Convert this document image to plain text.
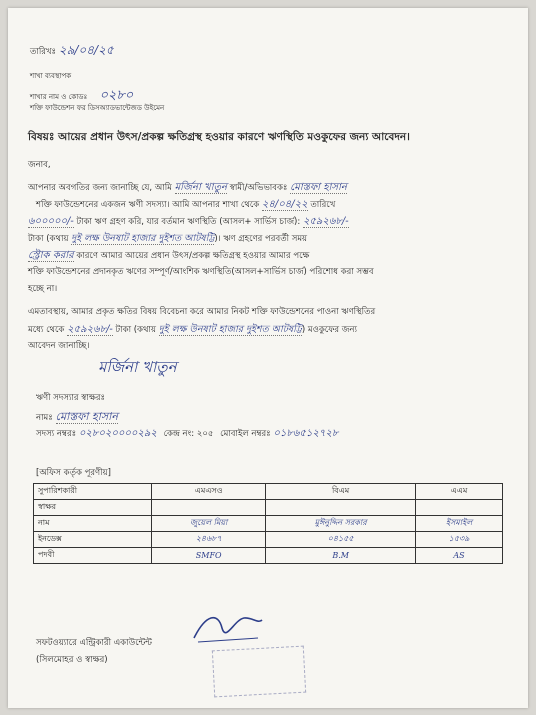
তারিখঃ ২৯/০৪/২৫
শাখা ব্যবস্থাপক
শাখার নাম ও কোডঃ ০২৮০
শক্তি ফাউন্ডেশন ফর ডিসঅ্যাডভান্টেজড উইমেন
বিষয়ঃ আয়ের প্রধান উৎস/প্রকল্প ক্ষতিগ্রস্থ হওয়ার কারণে ঋণস্থিতি মওকুফের জন্য আবেদন।
জনাব,
আপনার অবগতির জন্য জানাচ্ছি যে, আমি মর্জিনা খাতুন স্বামী/অভিভাবকঃ মোস্তফা হাসান
শক্তি ফাউন্ডেশনের একজন ঋণী সদস্যা। আমি আপনার শাখা থেকে ২৪/০৪/২২ তারিখে
৬০০০০০/- টাকা ঋণ গ্রহণ করি, যার বর্তমান ঋণস্থিতি (আসল+ সার্ভিস চার্জ): ২৫৯২৬৮/-
টাকা (কথায় দুই লক্ষ উনষাট হাজার দুইশত আটষট্টি)। ঋণ গ্রহণের পরবর্তী সময়
স্ট্রোক করার কারণে আমার আয়ের প্রধান উৎস/প্রকল্প ক্ষতিগ্রস্থ হওয়ার আমার পক্ষে
শক্তি ফাউন্ডেশনের প্রদানকৃত ঋণের সম্পূর্ণ/আংশিক ঋণস্থিতি(আসল+সার্ভিস চার্জ) পরিশোধ করা সম্ভব
হচ্ছে না।
এমতাবস্থায়, আমার প্রকৃত ক্ষতির বিষয় বিবেচনা করে আমার নিকট শক্তি ফাউন্ডেশনের পাওনা ঋণস্থিতির
মধ্যে থেকে ২৫৯২৬৮/- টাকা (কথায় দুই লক্ষ উনষাট হাজার দুইশত আটষট্টি) মওকুফের জন্য
আবেদন জানাচ্ছি।
মর্জিনা খাতুন
ঋণী সদস্যার স্বাক্ষরঃ
নামঃ মোস্তফা হাসান
সদস্য নম্বরঃ ০২৮০২০০০০২৯২ কেন্দ্র নং: ২০৫ মোবাইল নম্বরঃ ০১৮৬৫১২৭২৮
[অফিস কর্তৃক পূরণীয়]
সুপারিশকারী	এমএসও	বিএম	এএম
স্বাক্ষর			
নাম	জুয়েল মিয়া	মুঈনুদ্দিন সরকার	ইসমাইল
ইনডেক্স	২৪৬৮৭	০৪১৫৫	১৫৩৯
পদবী	SMFO	B.M	AS
সফটওয়্যারে এন্ট্রিকারী একাউন্টেন্ট
(সিলমোহর ও স্বাক্ষর)
